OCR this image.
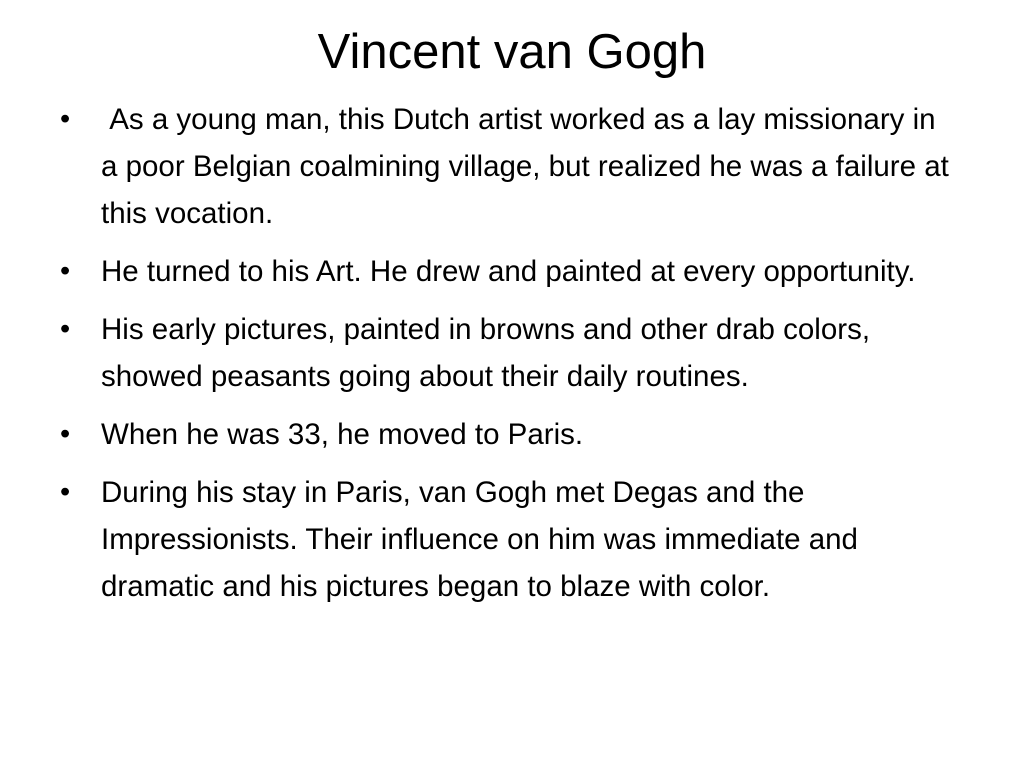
Vincent van Gogh
• As a young man, this Dutch artist worked as a lay missionary in a poor Belgian coalmining village, but realized he was a failure at this vocation.
• He turned to his Art. He drew and painted at every opportunity.
• His early pictures, painted in browns and other drab colors, showed peasants going about their daily routines.
• When he was 33, he moved to Paris.
• During his stay in Paris, van Gogh met Degas and the Impressionists. Their influence on him was immediate and dramatic and his pictures began to blaze with color.
